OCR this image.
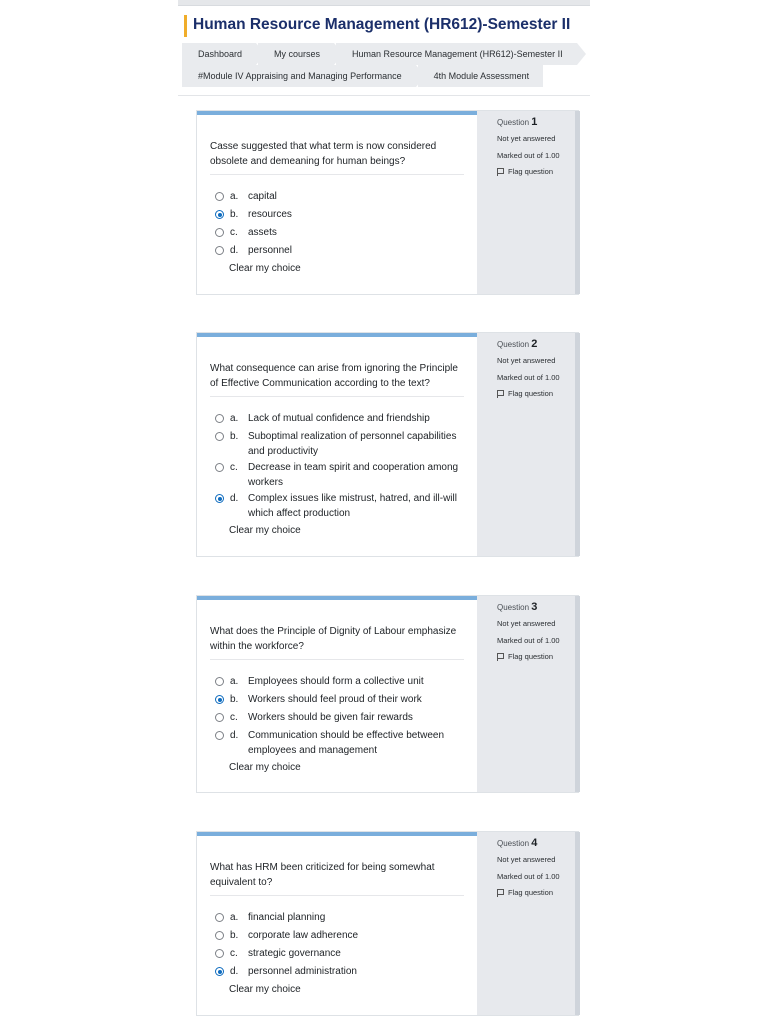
Human Resource Management (HR612)-Semester II
Dashboard	My courses	Human Resource Management (HR612)-Semester II
#Module IV Appraising and Managing Performance	4th Module Assessment
Casse suggested that what term is now considered obsolete and demeaning for human beings?
a. capital
b. resources
c.	assets
d. personnel
Clear my choice
Question 1
Not yet answered
Marked out of 1.00
Flag question
What consequence can arise from ignoring the Principle of Effective Communication according to the text?
a. Lack of mutual confidence and friendship
b. Suboptimal realization of personnel capabilities and productivity
c.	Decrease in team spirit and cooperation among workers
d. Complex issues like mistrust, hatred, and ill-will which affect production
Clear my choice
Question 2
Not yet answered
Marked out of 1.00
Flag question
What does the Principle of Dignity of Labour emphasize within the workforce?
a. Employees should form a collective unit
b. Workers should feel proud of their work
c.	Workers should be given fair rewards
d. Communication should be effective between employees and management
Clear my choice
Question 3
Not yet answered
Marked out of 1.00
Flag question
What has HRM been criticized for being somewhat equivalent to?
a. financial planning
b. corporate law adherence
c.	strategic governance
d. personnel administration
Clear my choice
Question 4
Not yet answered
Marked out of 1.00
Flag question
